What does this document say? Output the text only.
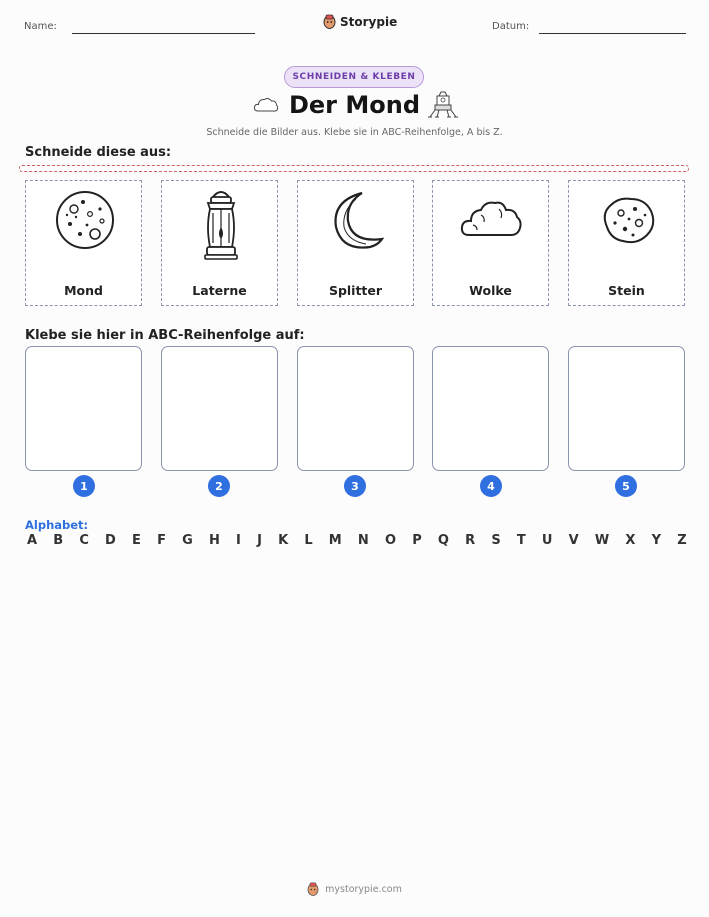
Name:	Storypie	Datum:
SCHNEIDEN & KLEBEN
Der Mond
Schneide die Bilder aus. Klebe sie in ABC-Reihenfolge, A bis Z.
Schneide diese aus:
Mond	Laterne	Splitter	Wolke	Stein
Klebe sie hier in ABC-Reihenfolge auf:
1	2	3	4	5
Alphabet:
A B C D E F G H I J K L M N O P Q R S T U V W X Y Z
mystorypie.com
